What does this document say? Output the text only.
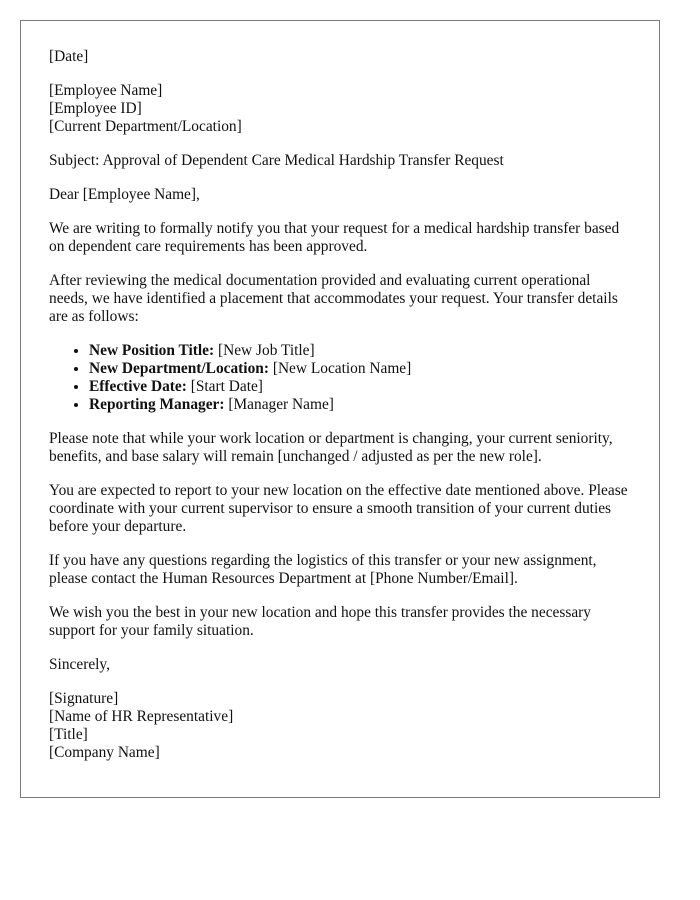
[Date]
[Employee Name]
[Employee ID]
[Current Department/Location]

Subject: Approval of Dependent Care Medical Hardship Transfer Request

Dear [Employee Name],

We are writing to formally notify you that your request for a medical hardship transfer based on dependent care requirements has been approved.

After reviewing the medical documentation provided and evaluating current operational needs, we have identified a placement that accommodates your request. Your transfer details are as follows:

• New Position Title: [New Job Title]
• New Department/Location: [New Location Name]
• Effective Date: [Start Date]
• Reporting Manager: [Manager Name]

Please note that while your work location or department is changing, your current seniority, benefits, and base salary will remain [unchanged / adjusted as per the new role].

You are expected to report to your new location on the effective date mentioned above. Please coordinate with your current supervisor to ensure a smooth transition of your current duties before your departure.

If you have any questions regarding the logistics of this transfer or your new assignment, please contact the Human Resources Department at [Phone Number/Email].

We wish you the best in your new location and hope this transfer provides the necessary support for your family situation.

Sincerely,

[Signature]
[Name of HR Representative]
[Title]
[Company Name]
